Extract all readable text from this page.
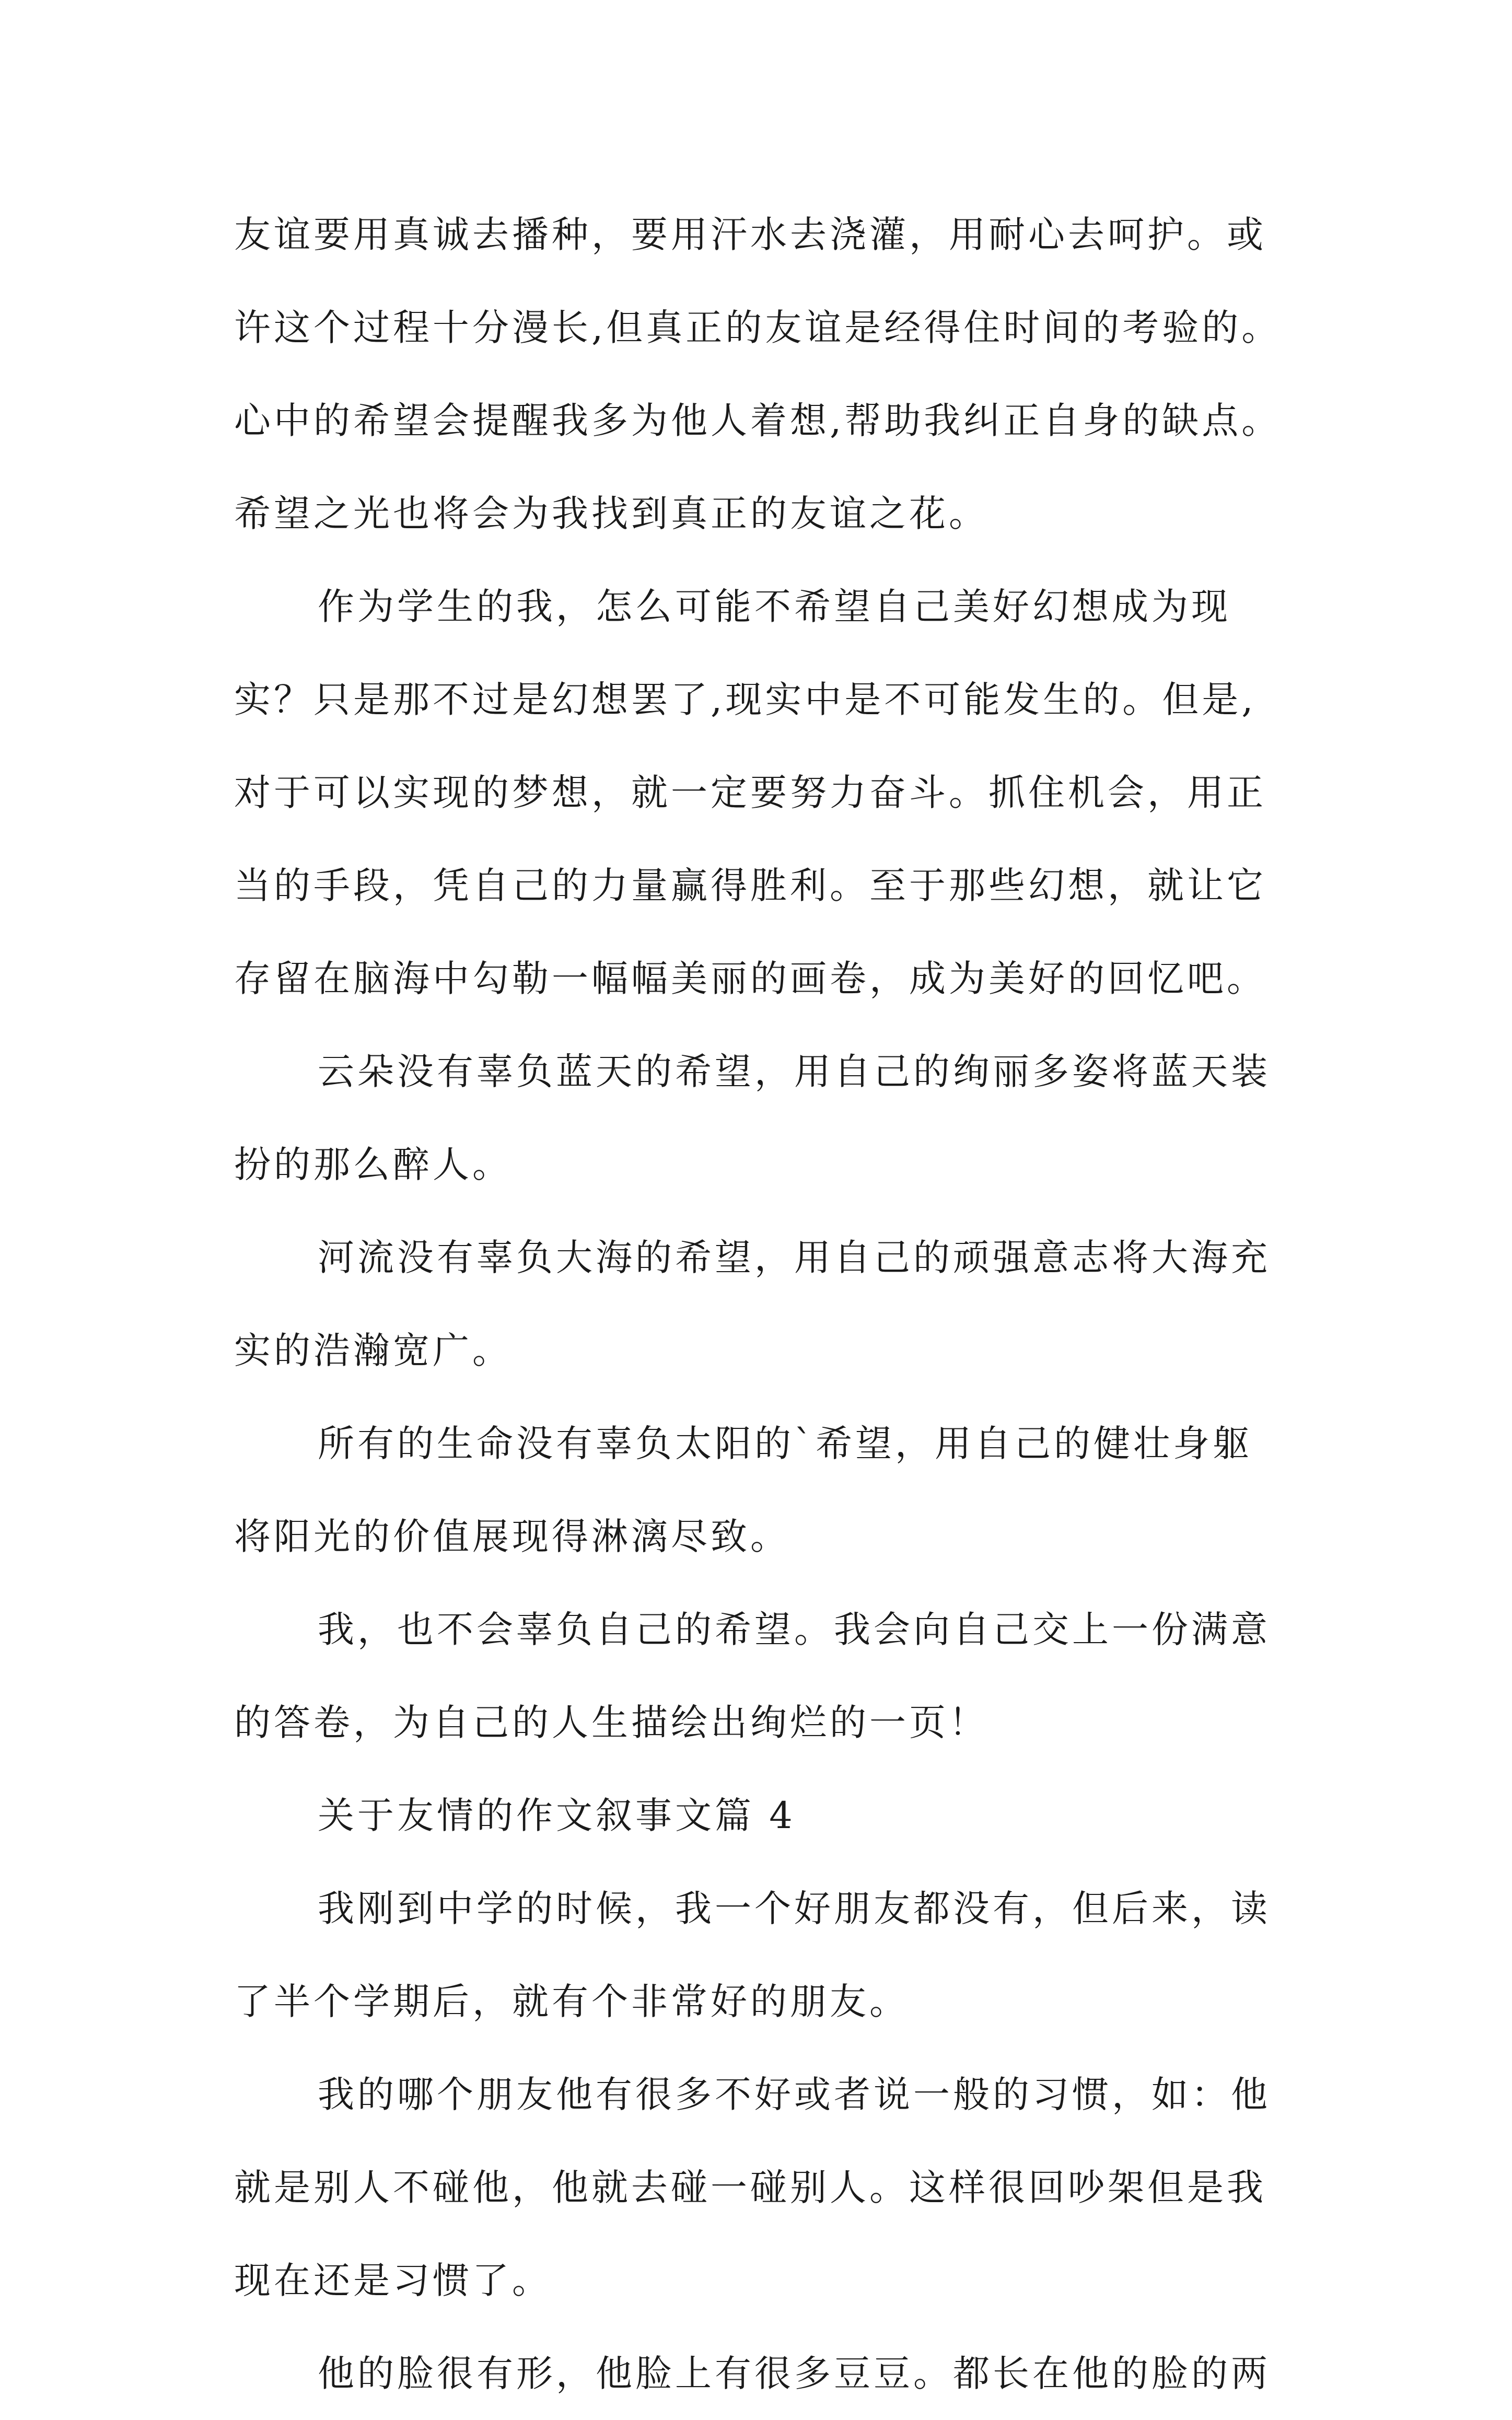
友谊要用真诚去播种，要用汗水去浇灌，用耐心去呵护。或
许这个过程十分漫长,但真正的友谊是经得住时间的考验的。
心中的希望会提醒我多为他人着想,帮助我纠正自身的缺点。
希望之光也将会为我找到真正的友谊之花。
作为学生的我，怎么可能不希望自己美好幻想成为现
实？只是那不过是幻想罢了,现实中是不可能发生的。但是,
对于可以实现的梦想，就一定要努力奋斗。抓住机会，用正
当的手段，凭自己的力量赢得胜利。至于那些幻想，就让它
存留在脑海中勾勒一幅幅美丽的画卷，成为美好的回忆吧。
云朵没有辜负蓝天的希望，用自己的绚丽多姿将蓝天装
扮的那么醉人。
河流没有辜负大海的希望，用自己的顽强意志将大海充
实的浩瀚宽广。
所有的生命没有辜负太阳的`希望，用自己的健壮身躯
将阳光的价值展现得淋漓尽致。
我，也不会辜负自己的希望。我会向自己交上一份满意
的答卷，为自己的人生描绘出绚烂的一页！
关于友情的作文叙事文篇 4
我刚到中学的时候，我一个好朋友都没有，但后来，读
了半个学期后，就有个非常好的朋友。
我的哪个朋友他有很多不好或者说一般的习惯，如：他
就是别人不碰他，他就去碰一碰别人。这样很回吵架但是我
现在还是习惯了。
他的脸很有形，他脸上有很多豆豆。都长在他的脸的两
